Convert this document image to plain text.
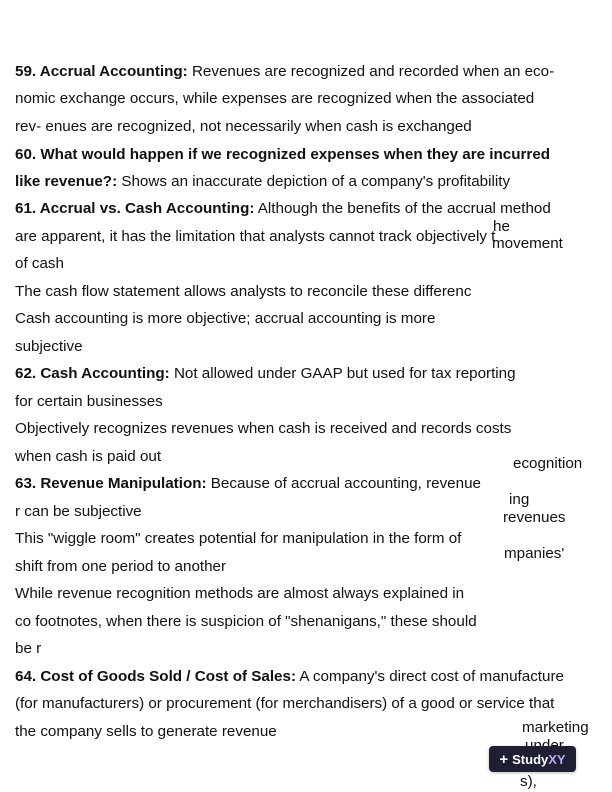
59. Accrual Accounting: Revenues are recognized and recorded when an eco-
nomic exchange occurs, while expenses are recognized when the associated
rev- enues are recognized, not necessarily when cash is exchanged
60. What would happen if we recognized expenses when they are incurred
like revenue?: Shows an inaccurate depiction of a company's profitability
61. Accrual vs. Cash Accounting: Although the benefits of the accrual method
are apparent, it has the limitation that analysts cannot track objectively t
of cash
The cash flow statement allows analysts to reconcile these differenc
Cash accounting is more objective; accrual accounting is more
subjective
62. Cash Accounting: Not allowed under GAAP but used for tax reporting
for certain businesses
Objectively recognizes revenues when cash is received and records costs
when cash is paid out
63. Revenue Manipulation: Because of accrual accounting, revenue
r can be subjective
This "wiggle room" creates potential for manipulation in the form of
shift from one period to another
While revenue recognition methods are almost always explained in
co footnotes, when there is suspicion of "shenanigans," these should
be r
64. Cost of Goods Sold / Cost of Sales: A company's direct cost of manufacture
(for manufacturers) or procurement (for merchandisers) of a good or service that
the company sells to generate revenue
he
movement
ecognition
ing
revenues
mpanies'
marketing
s),
+ StudyXY
